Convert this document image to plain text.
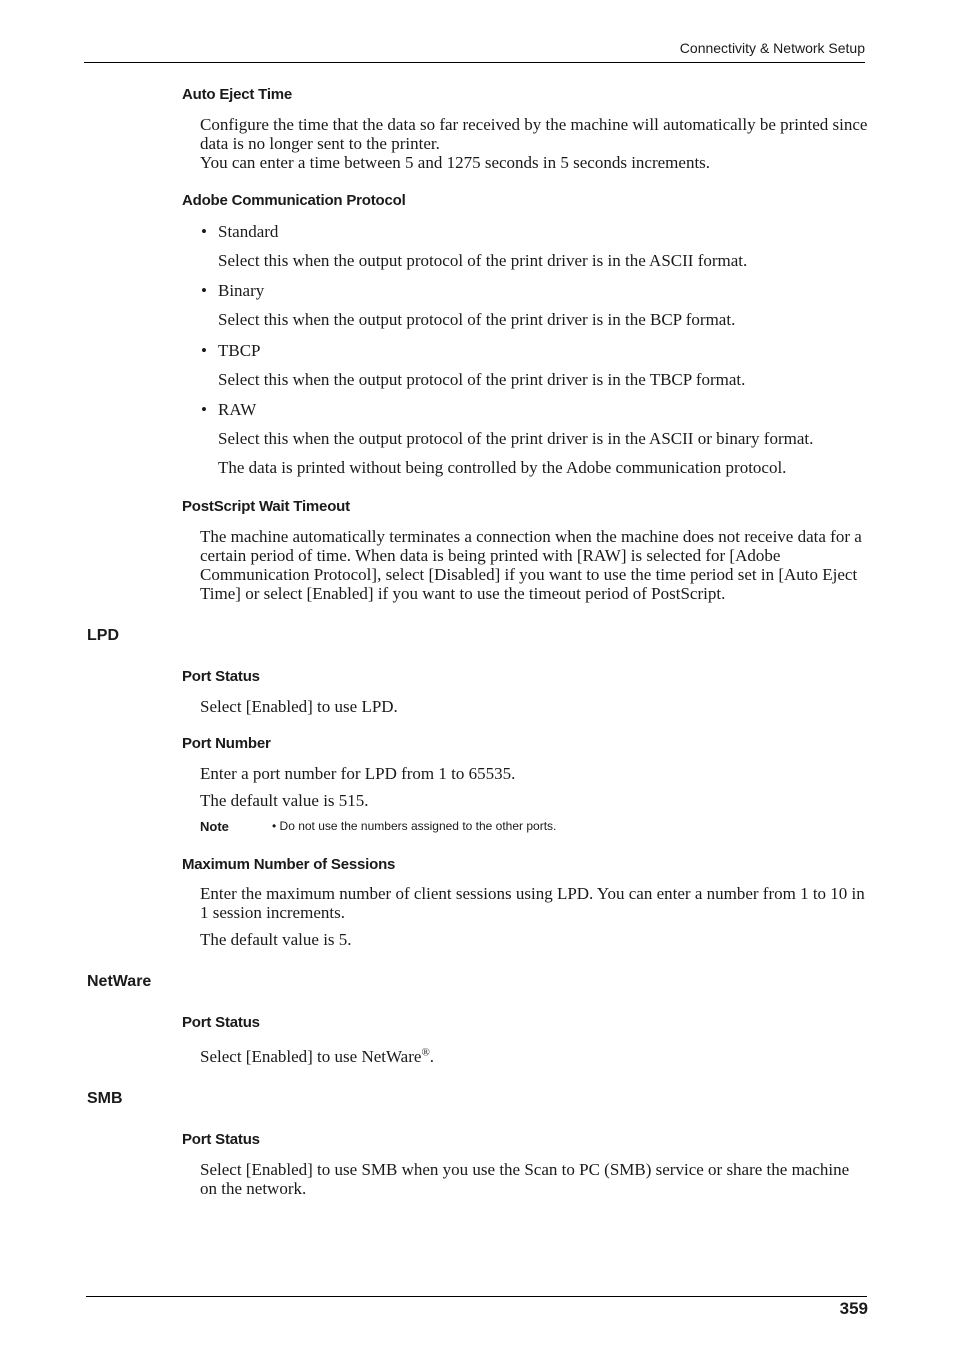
Connectivity & Network Setup
Auto Eject Time
Configure the time that the data so far received by the machine will automatically be printed since data is no longer sent to the printer.
You can enter a time between 5 and 1275 seconds in 5 seconds increments.
Adobe Communication Protocol
• Standard
Select this when the output protocol of the print driver is in the ASCII format.
• Binary
Select this when the output protocol of the print driver is in the BCP format.
• TBCP
Select this when the output protocol of the print driver is in the TBCP format.
• RAW
Select this when the output protocol of the print driver is in the ASCII or binary format.
The data is printed without being controlled by the Adobe communication protocol.
PostScript Wait Timeout
The machine automatically terminates a connection when the machine does not receive data for a certain period of time. When data is being printed with [RAW] is selected for [Adobe Communication Protocol], select [Disabled] if you want to use the time period set in [Auto Eject Time] or select [Enabled] if you want to use the timeout period of PostScript.
LPD
Port Status
Select [Enabled] to use LPD.
Port Number
Enter a port number for LPD from 1 to 65535.
The default value is 515.
Note	• Do not use the numbers assigned to the other ports.
Maximum Number of Sessions
Enter the maximum number of client sessions using LPD. You can enter a number from 1 to 10 in 1 session increments.
The default value is 5.
NetWare
Port Status
Select [Enabled] to use NetWare®.
SMB
Port Status
Select [Enabled] to use SMB when you use the Scan to PC (SMB) service or share the machine on the network.
359
